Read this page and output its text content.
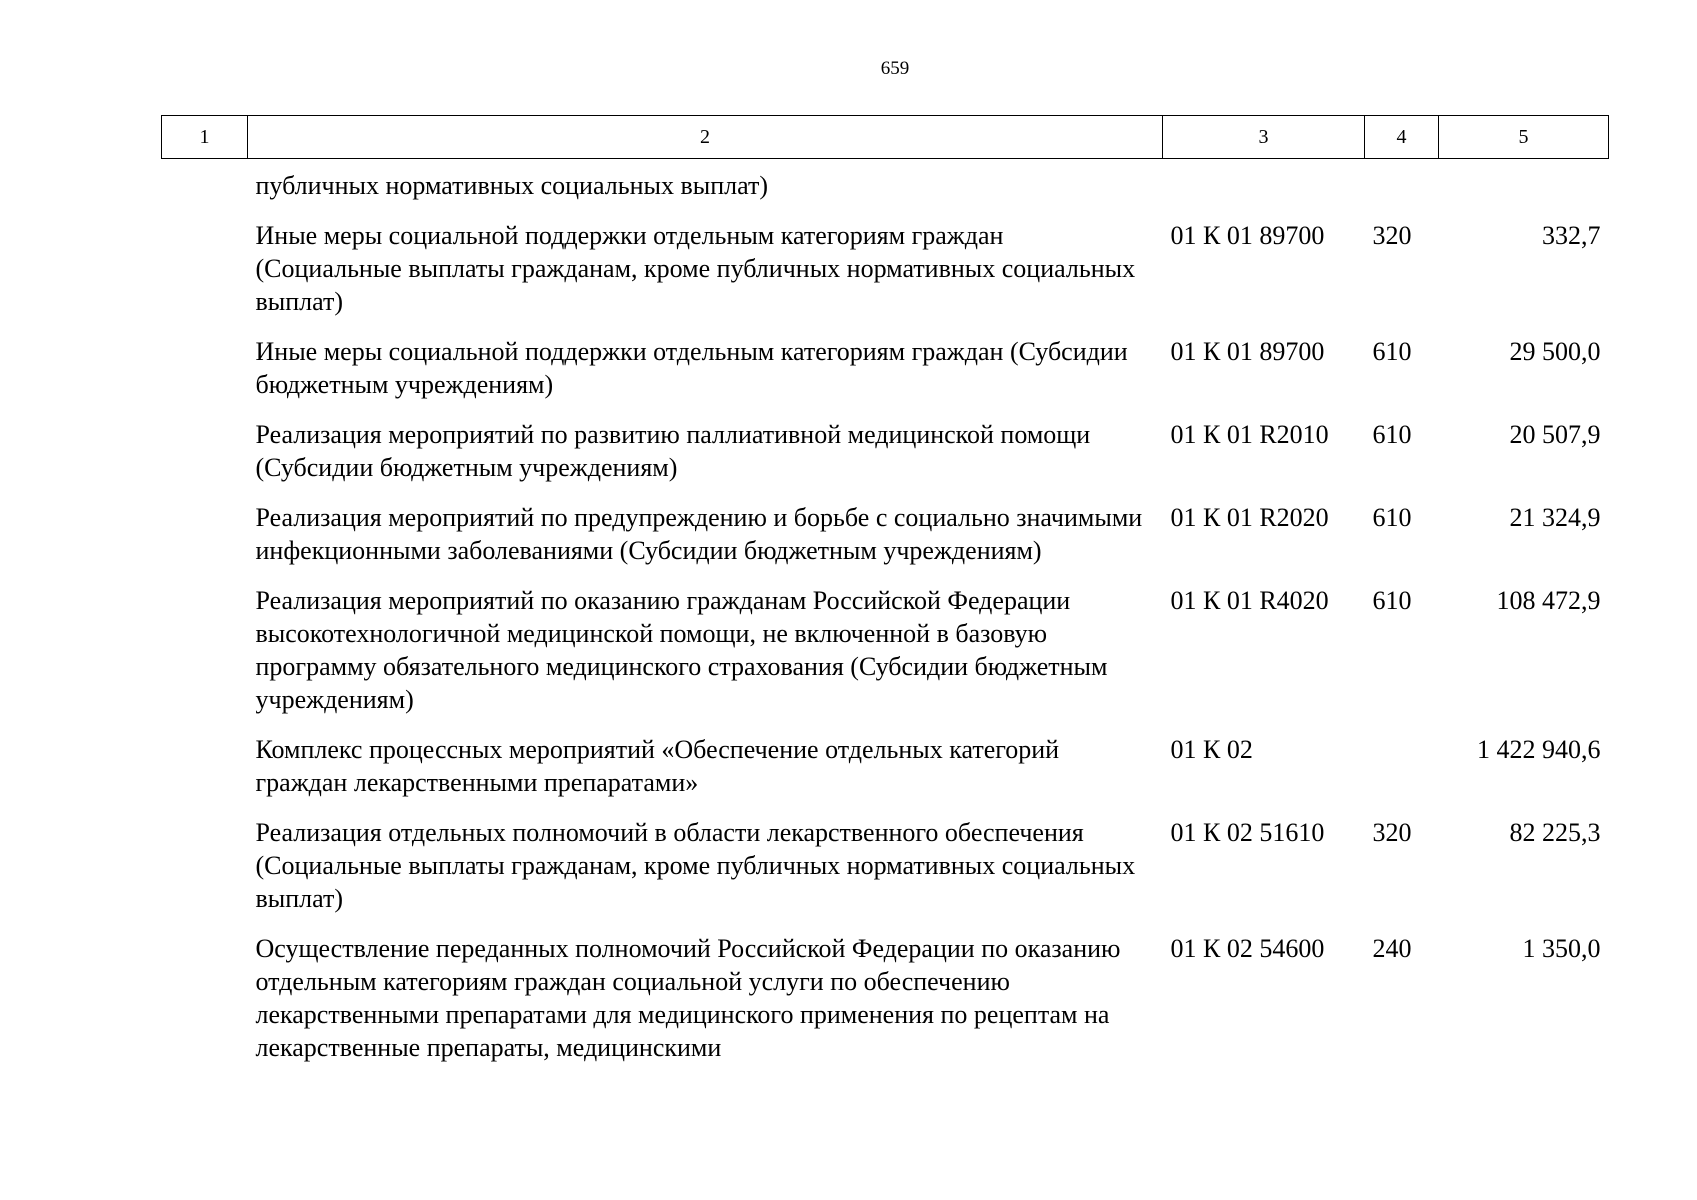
659
1	2	3	4	5
	публичных нормативных социальных выплат)			
	Иные меры социальной поддержки отдельным категориям граждан (Социальные выплаты гражданам, кроме публичных нормативных социальных выплат)	01 К 01 89700	320	332,7
	Иные меры социальной поддержки отдельным категориям граждан (Субсидии бюджетным учреждениям)	01 К 01 89700	610	29 500,0
	Реализация мероприятий по развитию паллиативной медицинской помощи (Субсидии бюджетным учреждениям)	01 К 01 R2010	610	20 507,9
	Реализация мероприятий по предупреждению и борьбе с социально значимыми инфекционными заболеваниями (Субсидии бюджетным учреждениям)	01 К 01 R2020	610	21 324,9
	Реализация мероприятий по оказанию гражданам Российской Федерации высокотехнологичной медицинской помощи, не включенной в базовую программу обязательного медицинского страхования (Субсидии бюджетным учреждениям)	01 К 01 R4020	610	108 472,9
	Комплекс процессных мероприятий «Обеспечение отдельных категорий граждан лекарственными препаратами»	01 К 02		1 422 940,6
	Реализация отдельных полномочий в области лекарственного обеспечения (Социальные выплаты гражданам, кроме публичных нормативных социальных выплат)	01 К 02 51610	320	82 225,3
	Осуществление переданных полномочий Российской Федерации по оказанию отдельным категориям граждан социальной услуги по обеспечению лекарственными препаратами для медицинского применения по рецептам на лекарственные препараты, медицинскими	01 К 02 54600	240	1 350,0
